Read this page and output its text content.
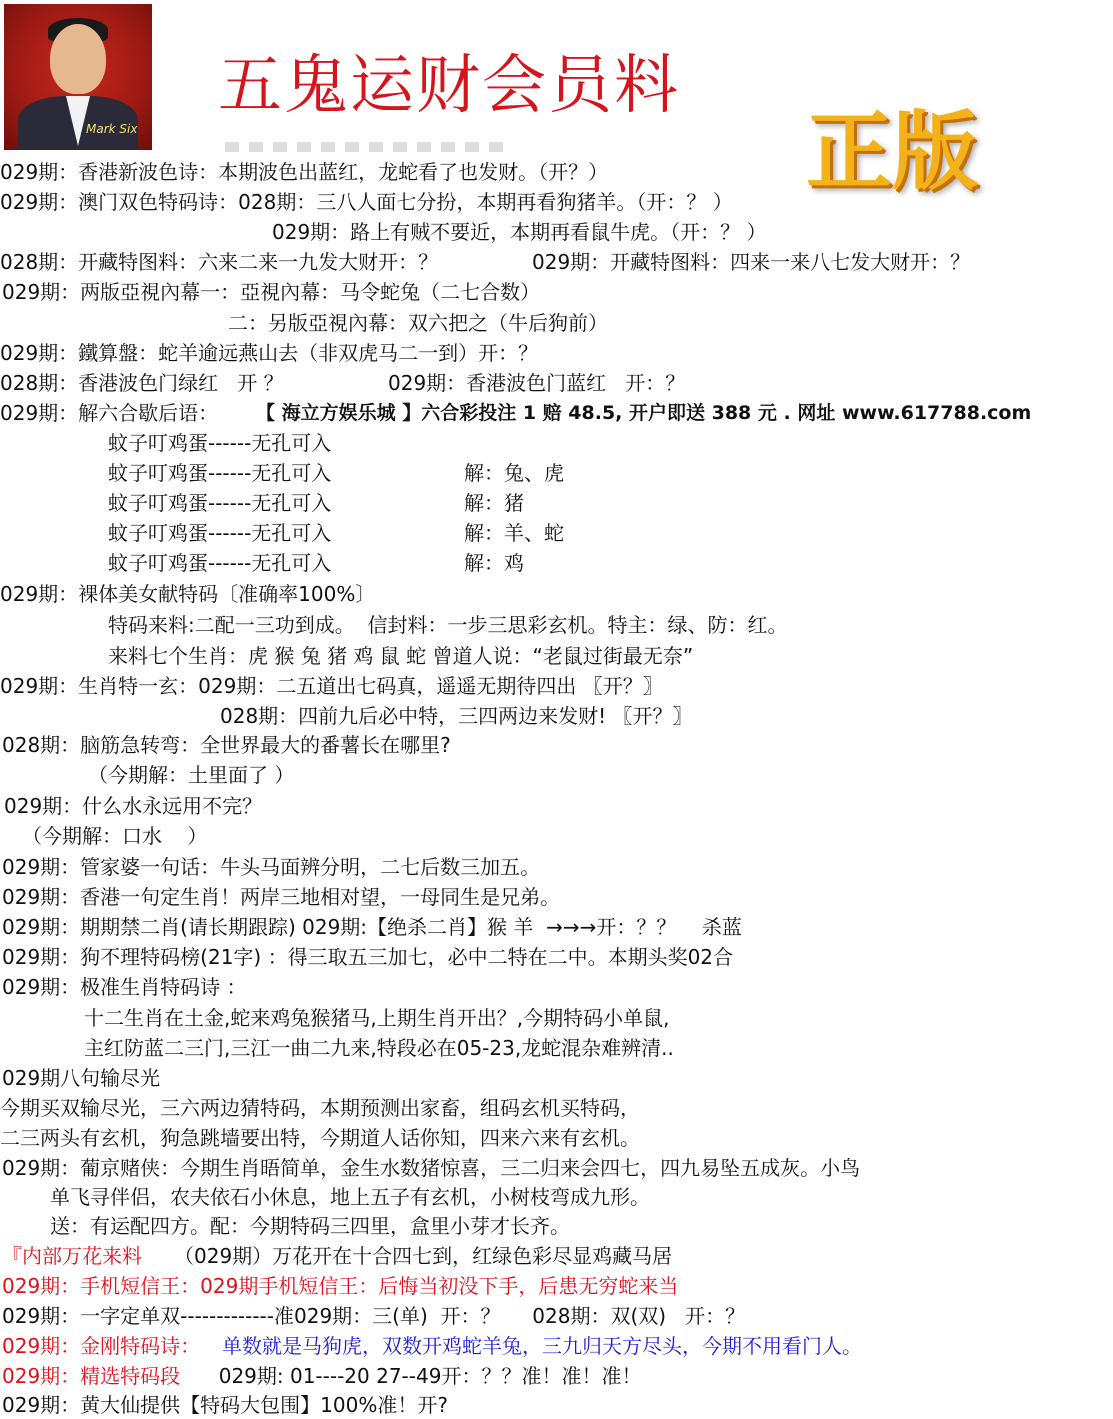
Mark Six
五鬼运财会员料
正版
029期：香港新波色诗：本期波色出蓝红，龙蛇看了也发财。（开？）
029期：澳门双色特码诗：028期：三八人面七分扮，本期再看狗猪羊。（开：？ ）
029期：路上有贼不要近，本期再看鼠牛虎。（开：？ ）
028期：开藏特图料：六来二来一九发大财开：？	029期：开藏特图料：四来一来八七发大财开：？
029期：两版亞視內幕一：亞視內幕：马令蛇兔（二七合数）
二：另版亞視內幕：双六把之（牛后狗前）
029期：鐵算盤：蛇羊逾远燕山去（非双虎马二一到）开：？
028期：香港波色门绿红   开 ？	029期：香港波色门蓝红   开：？
029期：解六合歇后语： 【 海立方娱乐城 】六合彩投注 1 赔 48.5, 开户即送 388 元 . 网址 www.617788.com
蚊子叮鸡蛋------无孔可入
蚊子叮鸡蛋------无孔可入	解：兔、虎
蚊子叮鸡蛋------无孔可入	解：猪
蚊子叮鸡蛋------无孔可入	解：羊、蛇
蚊子叮鸡蛋------无孔可入	解：鸡
029期：裸体美女献特码〔准确率100%〕
特码来料:二配一三功到成。  信封料：一步三思彩玄机。特主：绿、防：红。
来料七个生肖：虎 猴 兔 猪 鸡 鼠 蛇 曾道人说：“老鼠过街最无奈”
029期：生肖特一玄：029期：二五道出七码真，遥遥无期待四出 〖开？〗
028期：四前九后必中特，三四两边来发财! 〖开？〗
028期：脑筋急转弯：全世界最大的番薯长在哪里?
（今期解：土里面了 ）
029期：什么水永远用不完？
（今期解：口水    ）
029期：管家婆一句话：牛头马面辨分明，二七后数三加五。
029期：香港一句定生肖！两岸三地相对望，一母同生是兄弟。
029期：期期禁二肖(请长期跟踪) 029期:【绝杀二肖】猴 羊  →→→开：？？    杀蓝
029期：狗不理特码榜(21字) ：得三取五三加七，必中二特在二中。本期头奖02合
029期：极准生肖特码诗 ：
十二生肖在土金,蛇来鸡兔猴猪马,上期生肖开出？,今期特码小单鼠,
主红防蓝二三门,三江一曲二九来,特段必在05-23,龙蛇混杂难辨清..
029期八句输尽光
今期买双输尽光，三六两边猜特码，本期预测出家畜，组码玄机买特码，
二三两头有玄机，狗急跳墙要出特，今期道人话你知，四来六来有玄机。
029期：葡京赌侠：今期生肖晤简单，金生水数猪惊喜，三二归来会四七，四九易坠五成灰。小鸟
单飞寻伴侣，农夫依石小休息，地上五子有玄机，小树枝弯成九形。
送：有运配四方。配：今期特码三四里，盒里小芽才长齐。
『内部万花来料 （029期）万花开在十合四七到，红绿色彩尽显鸡藏马居
029期：手机短信王：029期手机短信王：后悔当初没下手，后患无穷蛇来当
029期：一字定单双-------------准029期：三(单)  开：？     028期：双(双)   开：？
029期：金刚特码诗： 单数就是马狗虎，双数开鸡蛇羊兔，三九归天方尽头，今期不用看门人。
029期：精选特码段 029期: 01----20 27--49开：？？准！准！准！
029期：黄大仙提供【特码大包围】100%准！开?
